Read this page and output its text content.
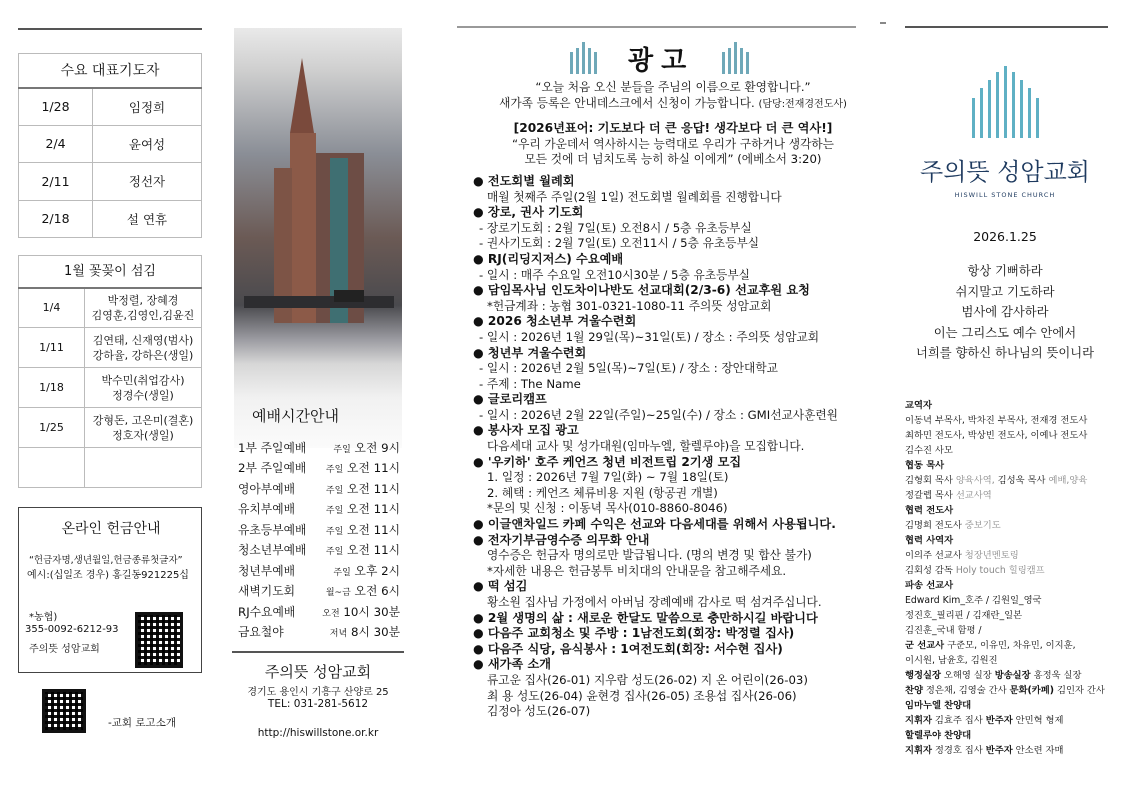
수요 대표기도자	
1/28	임정희
2/4	윤여성
2/11	정선자
2/18	설 연휴
1월 꽃꽂이 섬김	
1/4	박정렬, 장혜경
김영훈,김영인,김윤진

1/11	김연태, 신재영(범사)
강하율, 강하은(생일)

1/18	박수민(취업감사)
정경수(생일)

1/25	강형돈, 고은미(결혼)
정호자(생일)

온라인 헌금안내
“헌금자명,생년월일,헌금종류첫글자”
예시:(십일조 경우) 홍길동921225십
*농협)
355-0092-6212-93
주의뜻 성암교회
-교회 로고소개
예배시간안내
1부 주일예배	주일 오전 9시
2부 주일예배 주일 오전 11시
영아부예배	주일 오전 11시
유치부예배	주일 오전 11시
유초등부예배 주일 오전 11시
청소년부예배 주일 오전 11시
청년부예배	주일 오후 2시
새벽기도회	월~금 오전 6시
RJ수요예배	오전 10시 30분
금요철야	저녁 8시 30분
주의뜻 성암교회
경기도 용인시 기흥구 산양로 25
TEL: 031-281-5612
http://hiswillstone.or.kr
광고
“오늘 처음 오신 분들을 주님의 이름으로 환영합니다.”
새가족 등록은 안내데스크에서 신청이 가능합니다. (담당:전재경전도사)
[2026년표어: 기도보다 더 큰 응답! 생각보다 더 큰 역사!]
“우리 가운데서 역사하시는 능력대로 우리가 구하거나 생각하는
모든 것에 더 넘치도록 능히 하실 이에게” (에베소서 3:20)
● 전도회별 월례회
매월 첫째주 주일(2월 1일) 전도회별 월례회를 진행합니다
● 장로, 권사 기도회
- 장로기도회 : 2월 7일(토) 오전8시 / 5층 유초등부실
- 권사기도회 : 2월 7일(토) 오전11시 / 5층 유초등부실
● RJ(리딩지저스) 수요예배
- 일시 : 매주 수요일 오전10시30분 / 5층 유초등부실
● 담임목사님 인도차이나반도 선교대회(2/3-6) 선교후원 요청
*헌금계좌 : 농협 301-0321-1080-11 주의뜻 성암교회
● 2026 청소년부 겨울수련회
- 일시 : 2026년 1월 29일(목)~31일(토) / 장소 : 주의뜻 성암교회
● 청년부 겨울수련회
- 일시 : 2026년 2월 5일(목)~7일(토) / 장소 : 장안대학교
- 주제 : The Name
● 글로리캠프
- 일시 : 2026년 2월 22일(주일)~25일(수) / 장소 : GMI선교사훈련원
● 봉사자 모집 광고
다음세대 교사 및 성가대원(임마누엘, 할렐루야)을 모집합니다.
● '우키하' 호주 케언즈 청년 비전트립 2기생 모집
1. 일정 : 2026년 7월 7일(화) ~ 7월 18일(토)
2. 혜택 : 케언즈 체류비용 지원 (항공권 개별)
*문의 및 신청 : 이동녁 목사(010-8860-8046)
● 이글앤차일드 카페 수익은 선교와 다음세대를 위해서 사용됩니다.
● 전자기부금영수증 의무화 안내
영수증은 헌금자 명의로만 발급됩니다. (명의 변경 및 합산 불가)
*자세한 내용은 헌금봉투 비치대의 안내문을 참고해주세요.
● 떡 섬김
황소원 집사님 가정에서 아버님 장례예배 감사로 떡 섬겨주십니다.
● 2월 생명의 삶 : 새로운 한달도 말씀으로 충만하시길 바랍니다
● 다음주 교회청소 및 주방 : 1남전도회(회장: 박정렬 집사)
● 다음주 식당, 음식봉사 : 1여전도회(회장: 서수현 집사)
● 새가족 소개
류고운 집사(26-01) 지우람 성도(26-02) 지 온 어린이(26-03)
최 용 성도(26-04) 윤현경 집사(26-05) 조용섭 집사(26-06)
김정아 성도(26-07)
주의뜻 성암교회
HISWILL STONE CHURCH
2026.1.25
항상 기뻐하라
쉬지말고 기도하라
범사에 감사하라
이는 그리스도 예수 안에서
너희를 향하신 하나님의 뜻이니라
교역자
이동녁 부목사, 박차진 부목사, 전재경 전도사
최하민 전도사, 박상빈 전도사, 이예나 전도사
김수진 사모
협동 목사
김형회 목사 양육사역, 김성욱 목사 예배,양육
정갈렙 목사 선교사역
협력 전도사
김명희 전도사 중보기도
협력 사역자
이의주 선교사 청장년멘토링
김회성 감독 Holy touch 힐링캠프
파송 선교사
Edward Kim_호주 / 김원일_영국
정진호_필리핀 / 김재란_일본
김진훈_국내 함평 /
군 선교사 구준모, 이유민, 차유민, 이지훈,
이시원, 남윤호, 김원진
행정실장 오해영 실장 방송실장 홍정욱 실장
찬양 정은채, 김영술 간사 문화(카페) 김인자 간사
임마누엘 찬양대
지휘자 김효주 집사 반주자 안민혁 형제
할렐루야 찬양대
지휘자 정경호 집사 반주자 안소련 자매
